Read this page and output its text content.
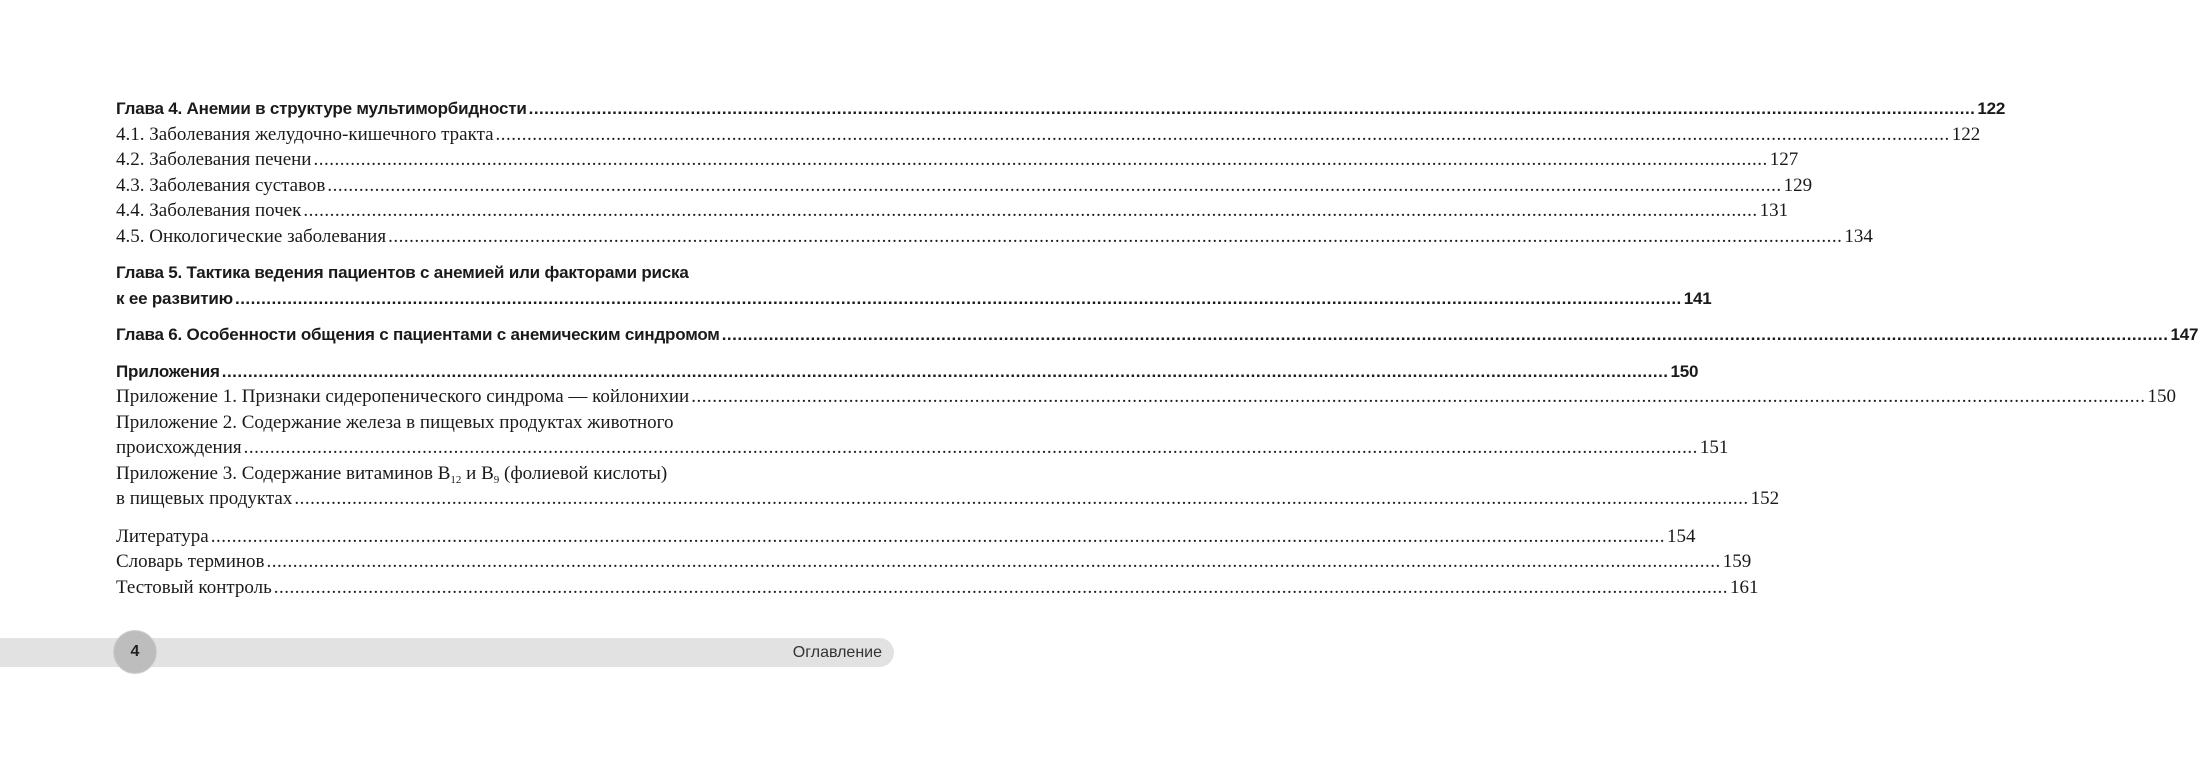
Глава 4. Анемии в структуре мультиморбидности .....	122
4.1. Заболевания желудочно-кишечного тракта .....	122
4.2. Заболевания печени .....	127
4.3. Заболевания суставов .....	129
4.4. Заболевания почек .....	131
4.5. Онкологические заболевания .....	134
Глава 5. Тактика ведения пациентов с анемией или факторами риска
к ее развитию .....	141
Глава 6. Особенности общения с пациентами с анемическим синдромом .....	147
Приложения .....	150
Приложение 1. Признаки сидеропенического синдрома — койлонихии .....	150
Приложение 2. Содержание железа в пищевых продуктах животного
происхождения .....	151
Приложение 3. Содержание витаминов $B_{12}$ и $B_9$ (фолиевой кислоты)
в пищевых продуктах .....	152
Литература .....	154
Словарь терминов .....	159
Тестовый контроль .....	161
4	Оглавление
